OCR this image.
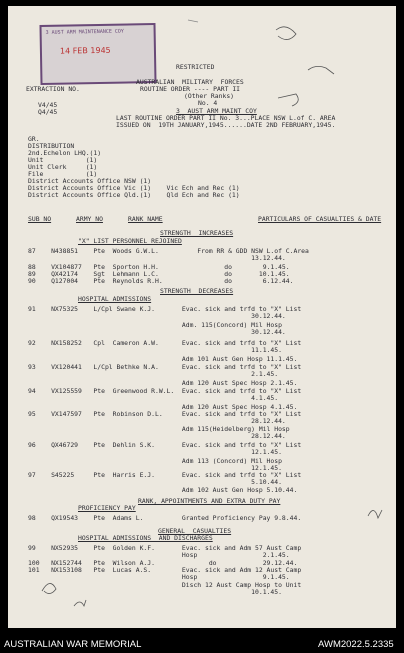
3 AUST ARM MAINTENANCE COY
14 FEB 1945
RESTRICTED
AUSTRALIAN  MILITARY  FORCES
ROUTINE ORDER ---- PART II
(Other Ranks)
No. 4
3  AUST ARM MAINT COY
EXTRACTION NO.
V4/45
Q4/45
LAST ROUTINE ORDER PART II No. 3...PLACE NSW L.of C. AREA
ISSUED ON  19TH JANUARY,1945......DATE 2ND FEBRUARY,1945.
GR.
DISTRIBUTION
2nd.Echelon LHQ.(1)
Unit           (1)
Unit Clerk     (1)
File           (1)
District Accounts Office NSW (1)
District Accounts Office Vic (1)    Vic Ech and Rec (1)
District Accounts Office Qld.(1)    Qld Ech and Rec (1)
SUB NO	ARMY NO	RANK NAME	PARTICULARS OF CASUALTIES & DATE
STRENGTH  INCREASES
"X" LIST PERSONNEL REJOINED
STRENGTH  DECREASES
HOSPITAL ADMISSIONS
RANK, APPOINTMENTS AND EXTRA DUTY PAY
PROFICIENCY PAY
GENERAL  CASUALTIES
HOSPITAL ADMISSIONS  AND DISCHARGES
87    N438851    Pte  Woods G.W.L.          From RR & GDD NSW L.of C.Area
13.12.44.
88    VX104877   Pte  Sporton H.H.                 do        9.1.45.
89    QX42174    Sgt  Lehmann L.C.                 do       10.1.45.
90    Q127004    Pte  Reynolds R.H.                do        6.12.44.
91    NX75325    L/Cpl Swane K.J.       Evac. sick and trfd to "X" List
30.12.44.
Adm. 115(Concord) Mil Hosp
30.12.44.
92    NX158252   Cpl  Cameron A.W.      Evac. sick and trfd to "X" List
11.1.45.
Adm 101 Aust Gen Hosp 11.1.45.
93    VX120441   L/Cpl Bethke N.A.      Evac. sick and trfd to "X" List
2.1.45.
Adm 120 Aust Spec Hosp 2.1.45.
94    VX125559   Pte  Greenwood R.W.L.  Evac. sick and trfd to "X" List
4.1.45.
Adm 120 Aust Spec Hosp 4.1.45.
95    VX147597   Pte  Robinson D.L.     Evac. sick and trfd to "X" List
28.12.44.
Adm 115(Heidelberg) Mil Hosp
28.12.44.
96    QX46729    Pte  Dehlin S.K.       Evac. sick and trfd to "X" List
12.1.45.
Adm 113 (Concord) Mil Hosp
12.1.45.
97    S45225     Pte  Harris E.J.       Evac. sick and trfd to "X" List
5.10.44.
Adm 102 Aust Gen Hosp 5.10.44.
98    QX19543    Pte  Adams L.          Granted Proficiency Pay 9.8.44.
99    NX52935    Pte  Golden K.F.       Evac. sick and Adm 57 Aust Camp
Hosp                 2.1.45.
100   NX152744   Pte  Wilson A.J.              do            29.12.44.
101   NX153108   Pte  Lucas A.S.        Evac. sick and Adm 12 Aust Camp
Hosp                 9.1.45.
Disch 12 Aust Camp Hosp to Unit
10.1.45.
AUSTRALIAN WAR MEMORIAL	AWM2022.5.2335
